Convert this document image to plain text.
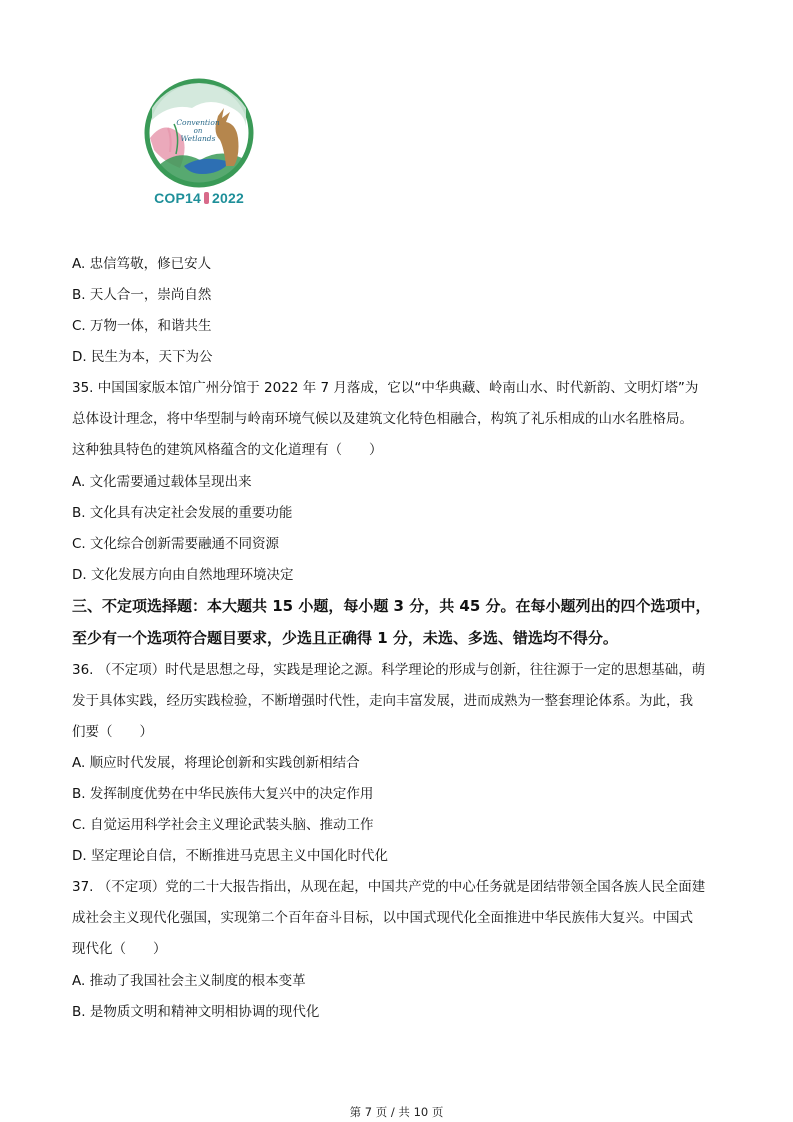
Convention
on
Wetlands
COP14 2022
A. 忠信笃敬，修已安人
B. 天人合一，崇尚自然
C. 万物一体，和谐共生
D. 民生为本，天下为公
35. 中国国家版本馆广州分馆于 2022 年 7 月落成，它以“中华典藏、岭南山水、时代新韵、文明灯塔”为
总体设计理念，将中华型制与岭南环境气候以及建筑文化特色相融合，构筑了礼乐相成的山水名胜格局。
这种独具特色的建筑风格蕴含的文化道理有（　　）
A. 文化需要通过载体呈现出来
B. 文化具有决定社会发展的重要功能
C. 文化综合创新需要融通不同资源
D. 文化发展方向由自然地理环境决定
三、不定项选择题：本大题共 15 小题，每小题 3 分，共 45 分。在每小题列出的四个选项中，
至少有一个选项符合题目要求，少选且正确得 1 分，未选、多选、错选均不得分。
36. （不定项）时代是思想之母，实践是理论之源。科学理论的形成与创新，往往源于一定的思想基础，萌
发于具体实践，经历实践检验，不断增强时代性，走向丰富发展，进而成熟为一整套理论体系。为此，我
们要（　　）
A. 顺应时代发展，将理论创新和实践创新相结合
B. 发挥制度优势在中华民族伟大复兴中的决定作用
C. 自觉运用科学社会主义理论武装头脑、推动工作
D. 坚定理论自信，不断推进马克思主义中国化时代化
37. （不定项）党的二十大报告指出，从现在起，中国共产党的中心任务就是团结带领全国各族人民全面建
成社会主义现代化强国，实现第二个百年奋斗目标，以中国式现代化全面推进中华民族伟大复兴。中国式
现代化（　　）
A. 推动了我国社会主义制度的根本变革
B. 是物质文明和精神文明相协调的现代化
第 7 页 / 共 10 页
